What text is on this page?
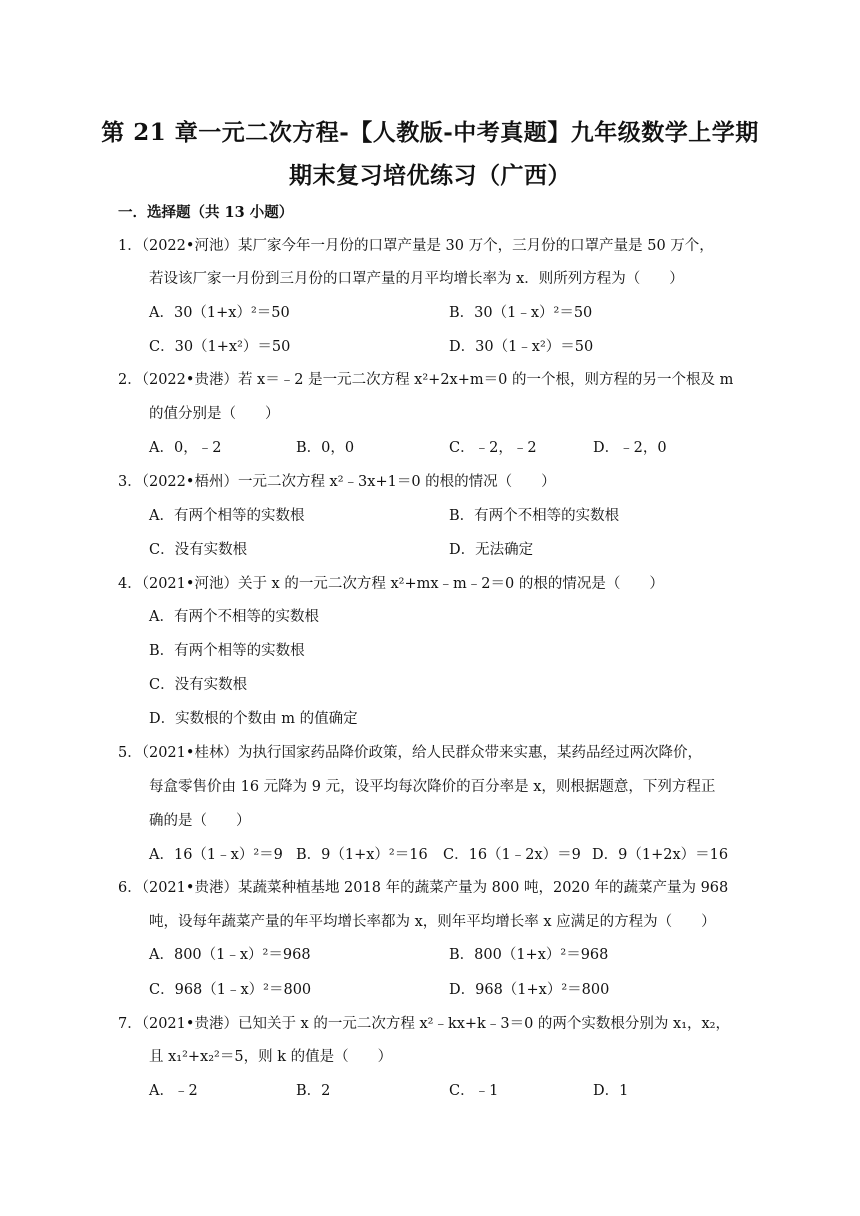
第 21 章一元二次方程-【人教版-中考真题】九年级数学上学期
期末复习培优练习（广西）
一．选择题（共 13 小题）
1．（2022•河池）某厂家今年一月份的口罩产量是 30 万个，三月份的口罩产量是 50 万个，
若设该厂家一月份到三月份的口罩产量的月平均增长率为 x．则所列方程为（　　）
A．30（1+x）²＝50	B．30（1﹣x）²＝50
C．30（1+x²）＝50	D．30（1﹣x²）＝50
2．（2022•贵港）若 x＝﹣2 是一元二次方程 x²+2x+m＝0 的一个根，则方程的另一个根及 m
的值分别是（　　）
A．0，﹣2	B．0，0	C．﹣2，﹣2	D．﹣2，0
3．（2022•梧州）一元二次方程 x²﹣3x+1＝0 的根的情况（　　）
A．有两个相等的实数根	B．有两个不相等的实数根
C．没有实数根	D．无法确定
4．（2021•河池）关于 x 的一元二次方程 x²+mx﹣m﹣2＝0 的根的情况是（　　）
A．有两个不相等的实数根
B．有两个相等的实数根
C．没有实数根
D．实数根的个数由 m 的值确定
5．（2021•桂林）为执行国家药品降价政策，给人民群众带来实惠，某药品经过两次降价，
每盒零售价由 16 元降为 9 元，设平均每次降价的百分率是 x，则根据题意，下列方程正
确的是（　　）
A．16（1﹣x）²＝9 B．9（1+x）²＝16 C．16（1﹣2x）＝9 D．9（1+2x）＝16
6．（2021•贵港）某蔬菜种植基地 2018 年的蔬菜产量为 800 吨，2020 年的蔬菜产量为 968
吨，设每年蔬菜产量的年平均增长率都为 x，则年平均增长率 x 应满足的方程为（　　）
A．800（1﹣x）²＝968	B．800（1+x）²＝968
C．968（1﹣x）²＝800	D．968（1+x）²＝800
7．（2021•贵港）已知关于 x 的一元二次方程 x²﹣kx+k﹣3＝0 的两个实数根分别为 x₁，x₂，
且 x₁²+x₂²＝5，则 k 的值是（　　）
A．﹣2	B．2	C．﹣1	D．1
